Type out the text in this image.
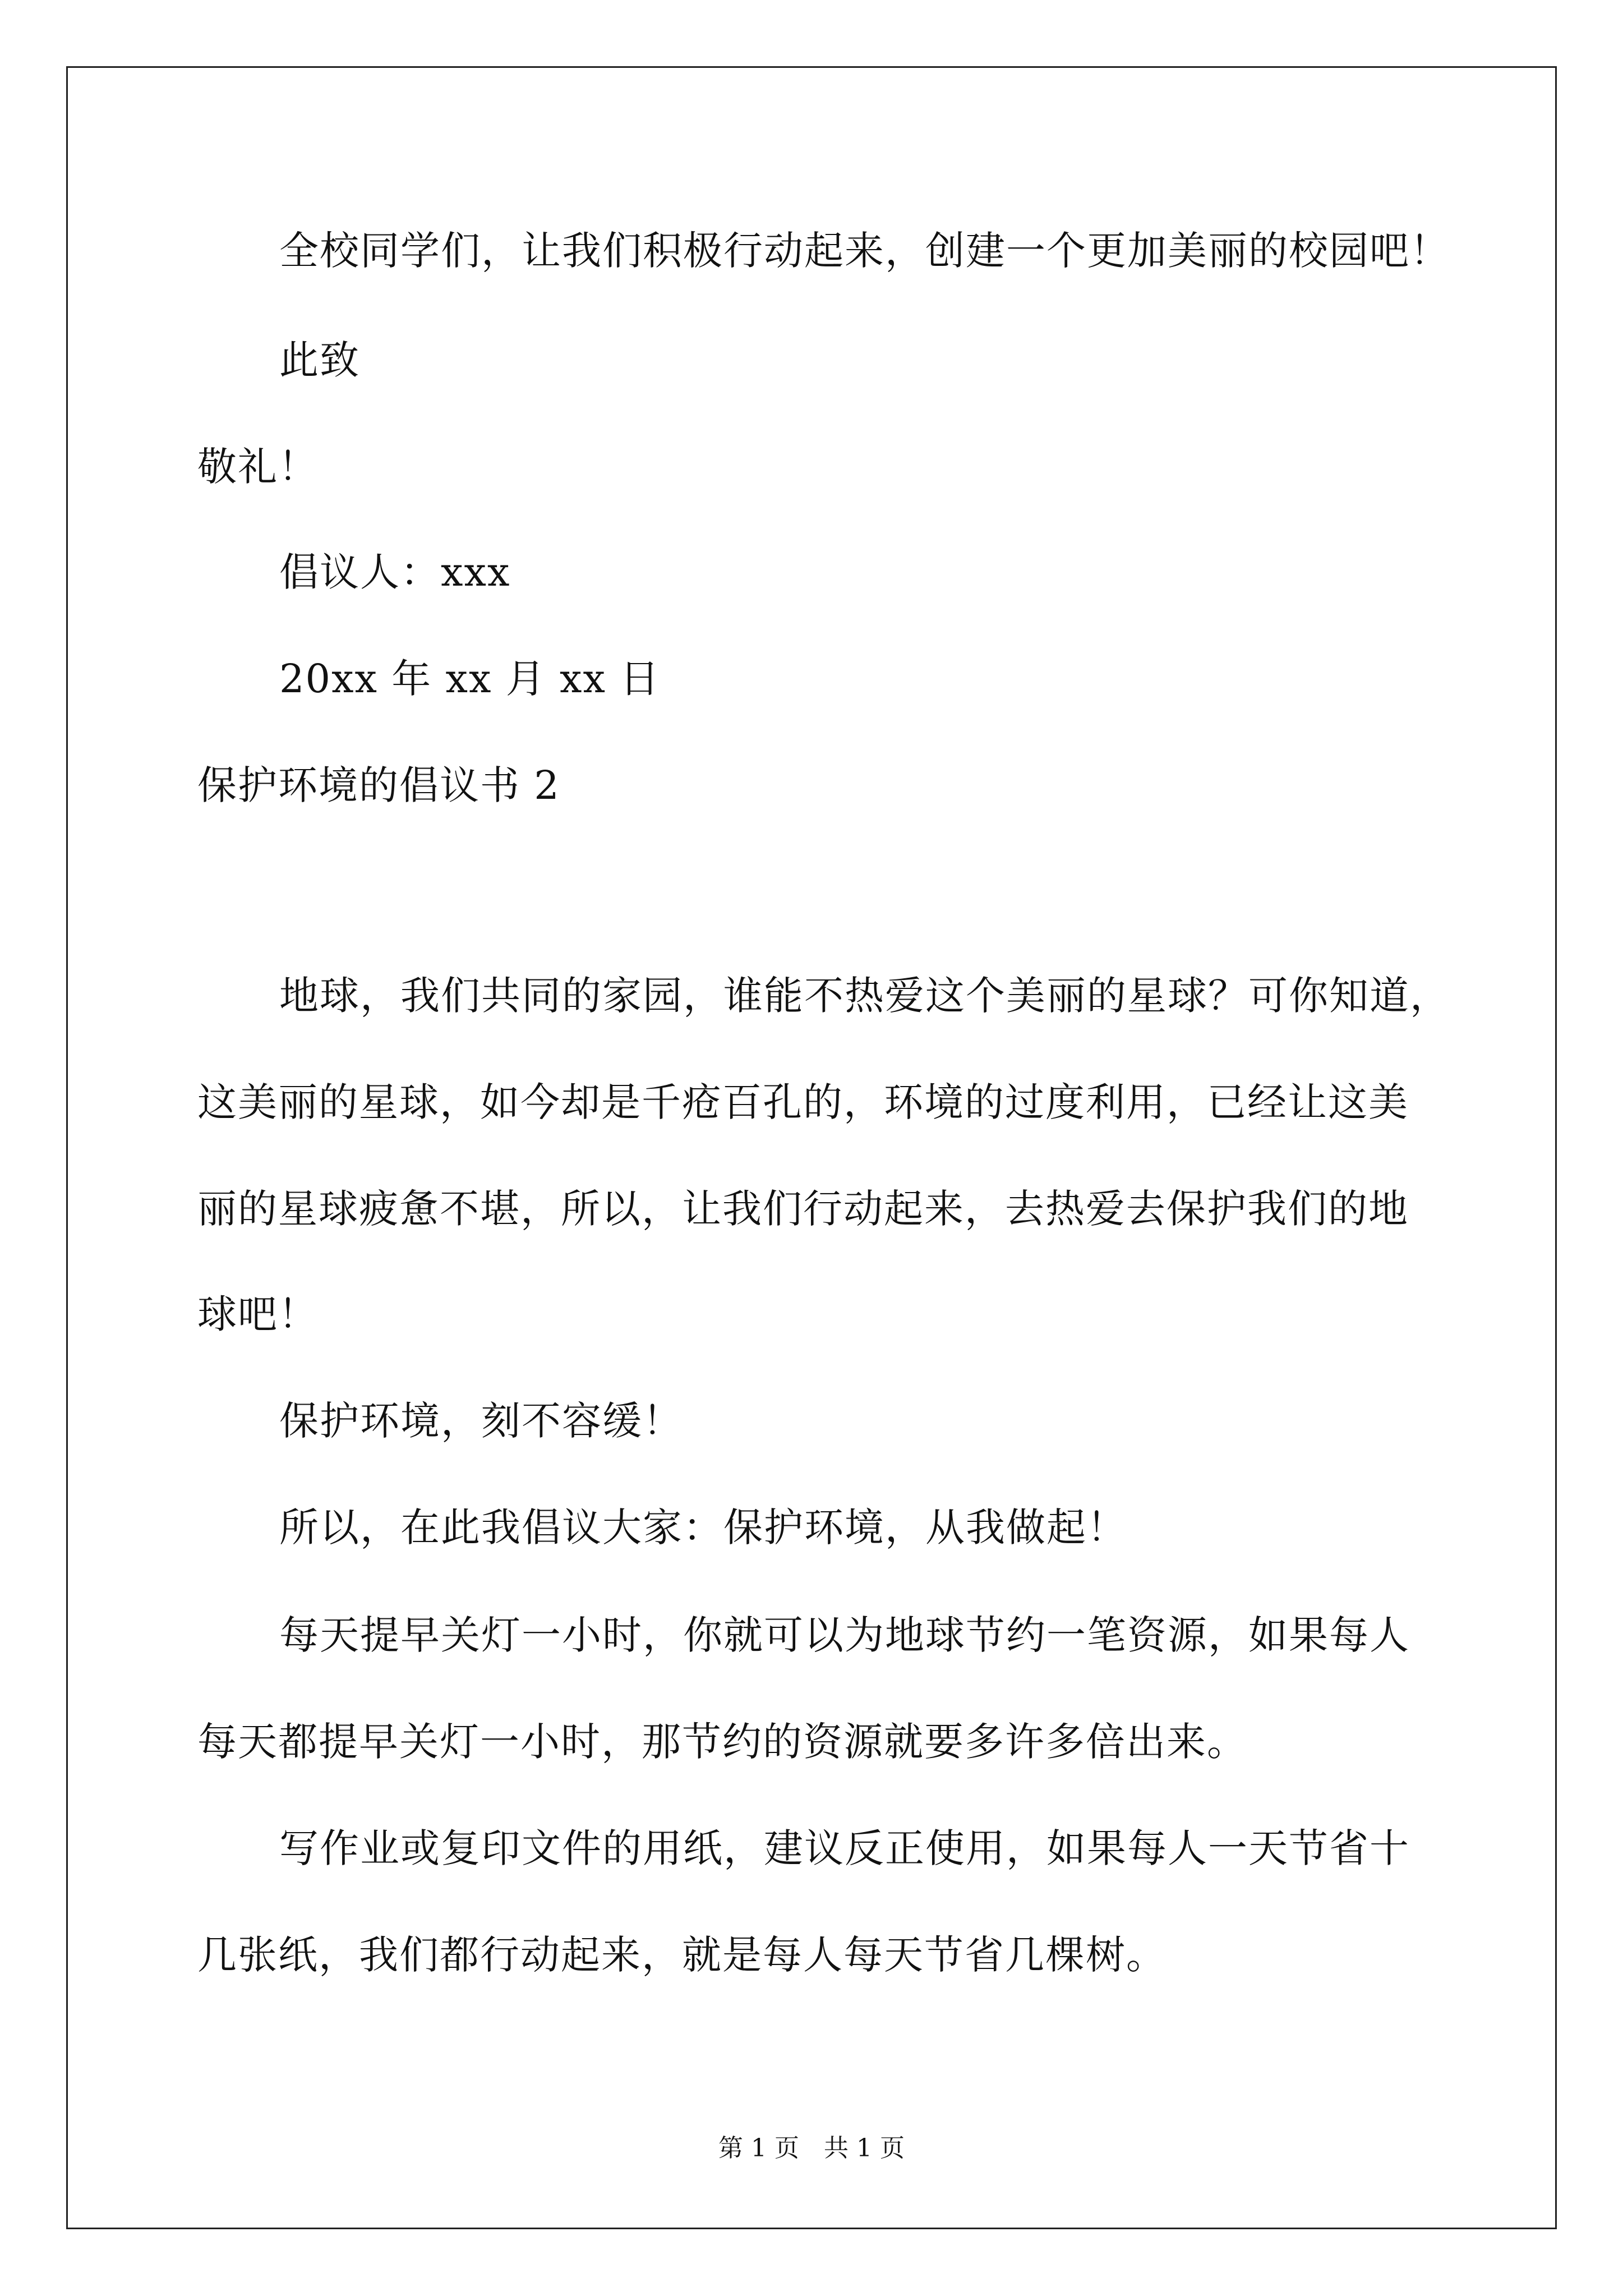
全校同学们，让我们积极行动起来，创建一个更加美丽的校园吧！
此致
敬礼！
倡议人：xxx
20xx 年 xx 月 xx 日
保护环境的倡议书 2
地球，我们共同的家园，谁能不热爱这个美丽的星球？可你知道，
这美丽的星球，如今却是千疮百孔的，环境的过度利用，已经让这美
丽的星球疲惫不堪，所以，让我们行动起来，去热爱去保护我们的地
球吧！
保护环境，刻不容缓！
所以，在此我倡议大家：保护环境，从我做起！
每天提早关灯一小时，你就可以为地球节约一笔资源，如果每人
每天都提早关灯一小时，那节约的资源就要多许多倍出来。
写作业或复印文件的用纸，建议反正使用，如果每人一天节省十
几张纸，我们都行动起来，就是每人每天节省几棵树。
第 1 页　共 1 页
